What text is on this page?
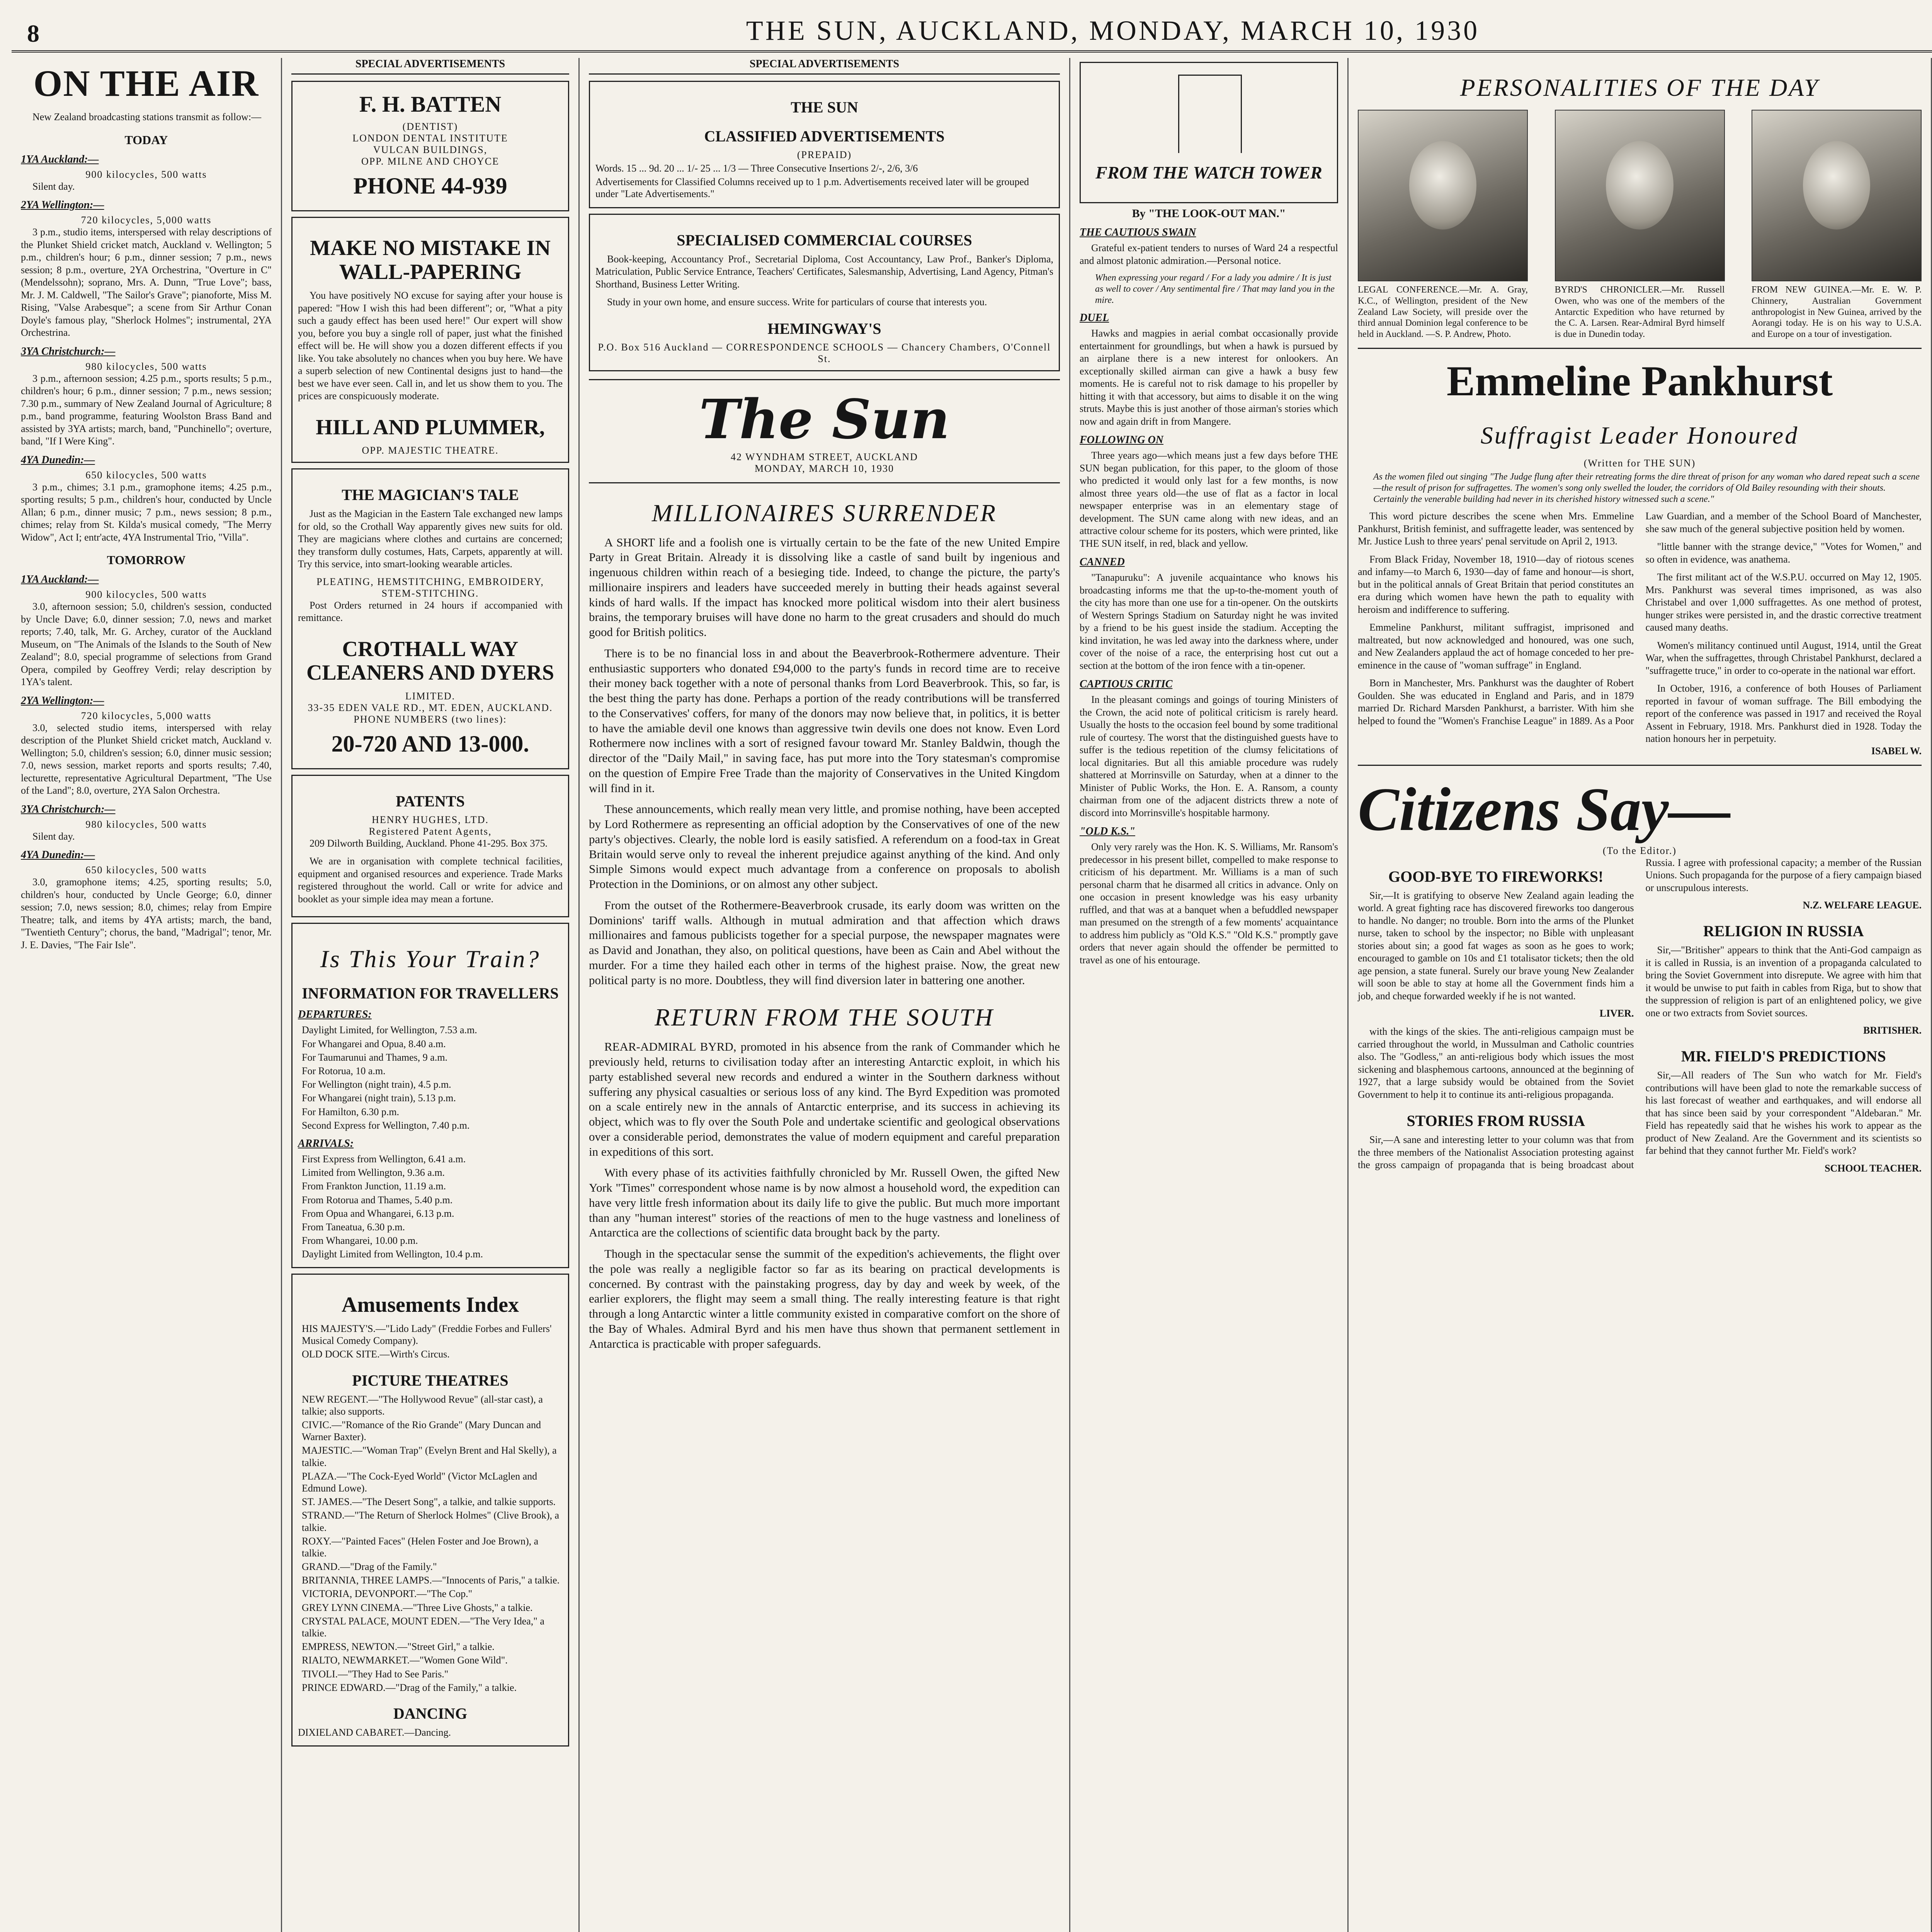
8	THE SUN, AUCKLAND, MONDAY, MARCH 10, 1930
ON THE AIR
New Zealand broadcasting stations transmit as follow:—
TODAY
1YA Auckland:—
900 kilocycles, 500 watts
Silent day.
2YA Wellington:—
720 kilocycles, 5,000 watts
3 p.m., studio items, interspersed with relay descriptions of the Plunket Shield cricket match, Auckland v. Wellington; 5 p.m., children's hour; 6 p.m., dinner session; 7 p.m., news session; 8 p.m., overture, 2YA Orchestrina, "Overture in C" (Mendelssohn); soprano, Mrs. A. Dunn, "True Love"; bass, Mr. J. M. Caldwell, "The Sailor's Grave"; pianoforte, Miss M. Rising, "Valse Arabesque"; a scene from Sir Arthur Conan Doyle's famous play, "Sherlock Holmes"; instrumental, 2YA Orchestrina.
3YA Christchurch:—
980 kilocycles, 500 watts
3 p.m., afternoon session; 4.25 p.m., sports results; 5 p.m., children's hour; 6 p.m., dinner session; 7 p.m., news session; 7.30 p.m., summary of New Zealand Journal of Agriculture; 8 p.m., band programme, featuring Woolston Brass Band and assisted by 3YA artists; march, band, "Punchinello"; overture, band, "If I Were King".
4YA Dunedin:—
650 kilocycles, 500 watts
3 p.m., chimes; 3.1 p.m., gramophone items; 4.25 p.m., sporting results; 5 p.m., children's hour, conducted by Uncle Allan; 6 p.m., dinner music; 7 p.m., news session; 8 p.m., chimes; relay from St. Kilda's musical comedy, "The Merry Widow", Act I; entr'acte, 4YA Instrumental Trio, "Villa".
TOMORROW
1YA Auckland:—
900 kilocycles, 500 watts
3.0, afternoon session; 5.0, children's session, conducted by Uncle Dave; 6.0, dinner session; 7.0, news and market reports; 7.40, talk, Mr. G. Archey, curator of the Auckland Museum, on "The Animals of the Islands to the South of New Zealand"; 8.0, special programme of selections from Grand Opera, compiled by Geoffrey Verdi; relay description by 1YA's talent.
2YA Wellington:—
720 kilocycles, 5,000 watts
3.0, selected studio items, interspersed with relay description of the Plunket Shield cricket match, Auckland v. Wellington; 5.0, children's session; 6.0, dinner music session; 7.0, news session, market reports and sports results; 7.40, lecturette, representative Agricultural Department, "The Use of the Land"; 8.0, overture, 2YA Salon Orchestra.
3YA Christchurch:—
980 kilocycles, 500 watts
Silent day.
4YA Dunedin:—
650 kilocycles, 500 watts
3.0, gramophone items; 4.25, sporting results; 5.0, children's hour, conducted by Uncle George; 6.0, dinner session; 7.0, news session; 8.0, chimes; relay from Empire Theatre; talk, and items by 4YA artists; march, the band, "Twentieth Century"; chorus, the band, "Madrigal"; tenor, Mr. J. E. Davies, "The Fair Isle".
SPECIAL ADVERTISEMENTS
F. H. BATTEN
(DENTIST)
LONDON DENTAL INSTITUTE
VULCAN BUILDINGS,
OPP. MILNE AND CHOYCE
PHONE 44-939
MAKE NO MISTAKE IN WALL-PAPERING
You have positively NO excuse for saying after your house is papered: "How I wish this had been different"; or, "What a pity such a gaudy effect has been used here!" Our expert will show you, before you buy a single roll of paper, just what the finished effect will be. He will show you a dozen different effects if you like. You take absolutely no chances when you buy here. We have a superb selection of new Continental designs just to hand—the best we have ever seen. Call in, and let us show them to you. The prices are conspicuously moderate.
HILL AND PLUMMER,
OPP. MAJESTIC THEATRE.
THE MAGICIAN'S TALE
Just as the Magician in the Eastern Tale exchanged new lamps for old, so the Crothall Way apparently gives new suits for old. They are magicians where clothes and curtains are concerned; they transform dully costumes, Hats, Carpets, apparently at will. Try this service, into smart-looking wearable articles.
PLEATING, HEMSTITCHING, EMBROIDERY, STEM-STITCHING.
Post Orders returned in 24 hours if accompanied with remittance.
CROTHALL WAY CLEANERS AND DYERS
LIMITED.
33-35 EDEN VALE RD., MT. EDEN, AUCKLAND.
PHONE NUMBERS (two lines):
20-720 AND 13-000.
PATENTS
HENRY HUGHES, LTD.
Registered Patent Agents,
209 Dilworth Building, Auckland. Phone 41-295. Box 375.
We are in organisation with complete technical facilities, equipment and organised resources and experience. Trade Marks registered throughout the world. Call or write for advice and booklet as your simple idea may mean a fortune.
Is This Your Train?
INFORMATION FOR TRAVELLERS
DEPARTURES:
Daylight Limited, for Wellington, 7.53 a.m.
For Whangarei and Opua, 8.40 a.m.
For Taumarunui and Thames, 9 a.m.
For Rotorua, 10 a.m.
For Wellington (night train), 4.5 p.m.
For Whangarei (night train), 5.13 p.m.
For Hamilton, 6.30 p.m.
Second Express for Wellington, 7.40 p.m.
ARRIVALS:
First Express from Wellington, 6.41 a.m.
Limited from Wellington, 9.36 a.m.
From Frankton Junction, 11.19 a.m.
From Rotorua and Thames, 5.40 p.m.
From Opua and Whangarei, 6.13 p.m.
From Taneatua, 6.30 p.m.
From Whangarei, 10.00 p.m.
Daylight Limited from Wellington, 10.4 p.m.
Amusements Index
HIS MAJESTY'S.—"Lido Lady" (Freddie Forbes and Fullers' Musical Comedy Company).
OLD DOCK SITE.—Wirth's Circus.
PICTURE THEATRES
NEW REGENT.—"The Hollywood Revue" (all-star cast), a talkie; also supports.
CIVIC.—"Romance of the Rio Grande" (Mary Duncan and Warner Baxter).
MAJESTIC.—"Woman Trap" (Evelyn Brent and Hal Skelly), a talkie.
PLAZA.—"The Cock-Eyed World" (Victor McLaglen and Edmund Lowe).
ST. JAMES.—"The Desert Song", a talkie, and talkie supports.
STRAND.—"The Return of Sherlock Holmes" (Clive Brook), a talkie.
ROXY.—"Painted Faces" (Helen Foster and Joe Brown), a talkie.
GRAND.—"Drag of the Family."
BRITANNIA, THREE LAMPS.—"Innocents of Paris," a talkie.
VICTORIA, DEVONPORT.—"The Cop."
GREY LYNN CINEMA.—"Three Live Ghosts," a talkie.
CRYSTAL PALACE, MOUNT EDEN.—"The Very Idea," a talkie.
EMPRESS, NEWTON.—"Street Girl," a talkie.
RIALTO, NEWMARKET.—"Women Gone Wild".
TIVOLI.—"They Had to See Paris."
PRINCE EDWARD.—"Drag of the Family," a talkie.
DANCING
DIXIELAND CABARET.—Dancing.
SPECIAL ADVERTISEMENTS
THE SUN
CLASSIFIED ADVERTISEMENTS
(PREPAID)
Words. 15 ... 9d. 20 ... 1/- 25 ... 1/3 — Three Consecutive Insertions 2/-, 2/6, 3/6
Advertisements for Classified Columns received up to 1 p.m. Advertisements received later will be grouped under "Late Advertisements."
SPECIALISED COMMERCIAL COURSES
Book-keeping, Accountancy Prof., Secretarial Diploma, Cost Accountancy, Law Prof., Banker's Diploma, Matriculation, Public Service Entrance, Teachers' Certificates, Salesmanship, Advertising, Land Agency, Pitman's Shorthand, Business Letter Writing.
Study in your own home, and ensure success. Write for particulars of course that interests you.
HEMINGWAY'S
P.O. Box 516 Auckland — CORRESPONDENCE SCHOOLS — Chancery Chambers, O'Connell St.
The Sun
42 WYNDHAM STREET, AUCKLAND
MONDAY, MARCH 10, 1930
MILLIONAIRES SURRENDER
A SHORT life and a foolish one is virtually certain to be the fate of the new United Empire Party in Great Britain. Already it is dissolving like a castle of sand built by ingenious and ingenuous children within reach of a besieging tide. Indeed, to change the picture, the party's millionaire inspirers and leaders have succeeded merely in butting their heads against several kinds of hard walls. If the impact has knocked more political wisdom into their alert business brains, the temporary bruises will have done no harm to the great crusaders and should do much good for British politics.
There is to be no financial loss in and about the Beaverbrook-Rothermere adventure. Their enthusiastic supporters who donated £94,000 to the party's funds in record time are to receive their money back together with a note of personal thanks from Lord Beaverbrook. This, so far, is the best thing the party has done. Perhaps a portion of the ready contributions will be transferred to the Conservatives' coffers, for many of the donors may now believe that, in politics, it is better to have the amiable devil one knows than aggressive twin devils one does not know. Even Lord Rothermere now inclines with a sort of resigned favour toward Mr. Stanley Baldwin, though the director of the "Daily Mail," in saving face, has put more into the Tory statesman's compromise on the question of Empire Free Trade than the majority of Conservatives in the United Kingdom will find in it.
These announcements, which really mean very little, and promise nothing, have been accepted by Lord Rothermere as representing an official adoption by the Conservatives of one of the new party's objectives. Clearly, the noble lord is easily satisfied. A referendum on a food-tax in Great Britain would serve only to reveal the inherent prejudice against anything of the kind. And only Simple Simons would expect much advantage from a conference on proposals to abolish Protection in the Dominions, or on almost any other subject.
From the outset of the Rothermere-Beaverbrook crusade, its early doom was written on the Dominions' tariff walls. Although in mutual admiration and that affection which draws millionaires and famous publicists together for a special purpose, the newspaper magnates were as David and Jonathan, they also, on political questions, have been as Cain and Abel without the murder. For a time they hailed each other in terms of the highest praise. Now, the great new political party is no more. Doubtless, they will find diversion later in battering one another.
RETURN FROM THE SOUTH
REAR-ADMIRAL BYRD, promoted in his absence from the rank of Commander which he previously held, returns to civilisation today after an interesting Antarctic exploit, in which his party established several new records and endured a winter in the Southern darkness without suffering any physical casualties or serious loss of any kind. The Byrd Expedition was promoted on a scale entirely new in the annals of Antarctic enterprise, and its success in achieving its object, which was to fly over the South Pole and undertake scientific and geological observations over a considerable period, demonstrates the value of modern equipment and careful preparation in expeditions of this sort.
With every phase of its activities faithfully chronicled by Mr. Russell Owen, the gifted New York "Times" correspondent whose name is by now almost a household word, the expedition can have very little fresh information about its daily life to give the public. But much more important than any "human interest" stories of the reactions of men to the huge vastness and loneliness of Antarctica are the collections of scientific data brought back by the party.
Though in the spectacular sense the summit of the expedition's achievements, the flight over the pole was really a negligible factor so far as its bearing on practical developments is concerned. By contrast with the painstaking progress, day by day and week by week, of the earlier explorers, the flight may seem a small thing. The really interesting feature is that right through a long Antarctic winter a little community existed in comparative comfort on the shore of the Bay of Whales. Admiral Byrd and his men have thus shown that permanent settlement in Antarctica is practicable with proper safeguards.
FROM THE WATCH TOWER
By "THE LOOK-OUT MAN."
THE CAUTIOUS SWAIN
Grateful ex-patient tenders to nurses of Ward 24 a respectful and almost platonic admiration.—Personal notice.
When expressing your regard / For a lady you admire / It is just as well to cover / Any sentimental fire / That may land you in the mire.
DUEL
Hawks and magpies in aerial combat occasionally provide entertainment for groundlings, but when a hawk is pursued by an airplane there is a new interest for onlookers. An exceptionally skilled airman can give a hawk a busy few moments. He is careful not to risk damage to his propeller by hitting it with that accessory, but aims to disable it on the wing struts. Maybe this is just another of those airman's stories which now and again drift in from Mangere.
FOLLOWING ON
Three years ago—which means just a few days before THE SUN began publication, for this paper, to the gloom of those who predicted it would only last for a few months, is now almost three years old—the use of flat as a factor in local newspaper enterprise was in an elementary stage of development. The SUN came along with new ideas, and an attractive colour scheme for its posters, which were printed, like THE SUN itself, in red, black and yellow.
CANNED
"Tanapuruku": A juvenile acquaintance who knows his broadcasting informs me that the up-to-the-moment youth of the city has more than one use for a tin-opener. On the outskirts of Western Springs Stadium on Saturday night he was invited by a friend to be his guest inside the stadium. Accepting the kind invitation, he was led away into the darkness where, under cover of the noise of a race, the enterprising host cut out a section at the bottom of the iron fence with a tin-opener.
CAPTIOUS CRITIC
In the pleasant comings and goings of touring Ministers of the Crown, the acid note of political criticism is rarely heard. Usually the hosts to the occasion feel bound by some traditional rule of courtesy. The worst that the distinguished guests have to suffer is the tedious repetition of the clumsy felicitations of local dignitaries. But all this amiable procedure was rudely shattered at Morrinsville on Saturday, when at a dinner to the Minister of Public Works, the Hon. E. A. Ransom, a county chairman from one of the adjacent districts threw a note of discord into Morrinsville's hospitable harmony.
"OLD K.S."
Only very rarely was the Hon. K. S. Williams, Mr. Ransom's predecessor in his present billet, compelled to make response to criticism of his department. Mr. Williams is a man of such personal charm that he disarmed all critics in advance. Only on one occasion in present knowledge was his easy urbanity ruffled, and that was at a banquet when a befuddled newspaper man presumed on the strength of a few moments' acquaintance to address him publicly as "Old K.S." "Old K.S." promptly gave orders that never again should the offender be permitted to travel as one of his entourage.
PERSONALITIES OF THE DAY
LEGAL CONFERENCE.—Mr. A. Gray, K.C., of Wellington, president of the New Zealand Law Society, will preside over the third annual Dominion legal conference to be held in Auckland. —S. P. Andrew, Photo.
BYRD'S CHRONICLER.—Mr. Russell Owen, who was one of the members of the Antarctic Expedition who have returned by the C. A. Larsen. Rear-Admiral Byrd himself is due in Dunedin today.
FROM NEW GUINEA.—Mr. E. W. P. Chinnery, Australian Government anthropologist in New Guinea, arrived by the Aorangi today. He is on his way to U.S.A. and Europe on a tour of investigation.
Emmeline Pankhurst
Suffragist Leader Honoured
(Written for THE SUN)
As the women filed out singing "The Judge flung after their retreating forms the dire threat of prison for any woman who dared repeat such a scene—the result of prison for suffragettes. The women's song only swelled the louder, the corridors of Old Bailey resounding with their shouts. Certainly the venerable building had never in its cherished history witnessed such a scene."
This word picture describes the scene when Mrs. Emmeline Pankhurst, British feminist, and suffragette leader, was sentenced by Mr. Justice Lush to three years' penal servitude on April 2, 1913.
From Black Friday, November 18, 1910—day of riotous scenes and infamy—to March 6, 1930—day of fame and honour—is short, but in the political annals of Great Britain that period constitutes an era during which women have hewn the path to equality with heroism and indifference to suffering.
Emmeline Pankhurst, militant suffragist, imprisoned and maltreated, but now acknowledged and honoured, was one such, and New Zealanders applaud the act of homage conceded to her pre-eminence in the cause of "woman suffrage" in England.
Born in Manchester, Mrs. Pankhurst was the daughter of Robert Goulden. She was educated in England and Paris, and in 1879 married Dr. Richard Marsden Pankhurst, a barrister. With him she helped to found the "Women's Franchise League" in 1889. As a Poor Law Guardian, and a member of the School Board of Manchester, she saw much of the general subjective position held by women.
"little banner with the strange device," "Votes for Women," and so often in evidence, was anathema.
The first militant act of the W.S.P.U. occurred on May 12, 1905. Mrs. Pankhurst was several times imprisoned, as was also Christabel and over 1,000 suffragettes. As one method of protest, hunger strikes were persisted in, and the drastic corrective treatment caused many deaths.
Women's militancy continued until August, 1914, until the Great War, when the suffragettes, through Christabel Pankhurst, declared a "suffragette truce," in order to co-operate in the national war effort.
In October, 1916, a conference of both Houses of Parliament reported in favour of woman suffrage. The Bill embodying the report of the conference was passed in 1917 and received the Royal Assent in February, 1918. Mrs. Pankhurst died in 1928. Today the nation honours her in perpetuity.
ISABEL W.
Citizens Say—
(To the Editor.)
GOOD-BYE TO FIREWORKS!
Sir,—It is gratifying to observe New Zealand again leading the world. A great fighting race has discovered fireworks too dangerous to handle. No danger; no trouble. Born into the arms of the Plunket nurse, taken to school by the inspector; no Bible with unpleasant stories about sin; a good fat wages as soon as he goes to work; encouraged to gamble on 10s and £1 totalisator tickets; then the old age pension, a state funeral. Surely our brave young New Zealander will soon be able to stay at home all the Government finds him a job, and cheque forwarded weekly if he is not wanted.
LIVER.
with the kings of the skies. The anti-religious campaign must be carried throughout the world, in Mussulman and Catholic countries also. The "Godless," an anti-religious body which issues the most sickening and blasphemous cartoons, announced at the beginning of 1927, that a large subsidy would be obtained from the Soviet Government to help it to continue its anti-religious propaganda.
STORIES FROM RUSSIA
Sir,—A sane and interesting letter to your column was that from the three members of the Nationalist Association protesting against the gross campaign of propaganda that is being broadcast about Russia. I agree with professional capacity; a member of the Russian Unions. Such propaganda for the purpose of a fiery campaign biased or unscrupulous interests.
N.Z. WELFARE LEAGUE.
RELIGION IN RUSSIA
Sir,—"Britisher" appears to think that the Anti-God campaign as it is called in Russia, is an invention of a propaganda calculated to bring the Soviet Government into disrepute. We agree with him that it would be unwise to put faith in cables from Riga, but to show that the suppression of religion is part of an enlightened policy, we give one or two extracts from Soviet sources.
BRITISHER.
MR. FIELD'S PREDICTIONS
Sir,—All readers of The Sun who watch for Mr. Field's contributions will have been glad to note the remarkable success of his last forecast of weather and earthquakes, and will endorse all that has since been said by your correspondent "Aldebaran." Mr. Field has repeatedly said that he wishes his work to appear as the product of New Zealand. Are the Government and its scientists so far behind that they cannot further Mr. Field's work?
SCHOOL TEACHER.
